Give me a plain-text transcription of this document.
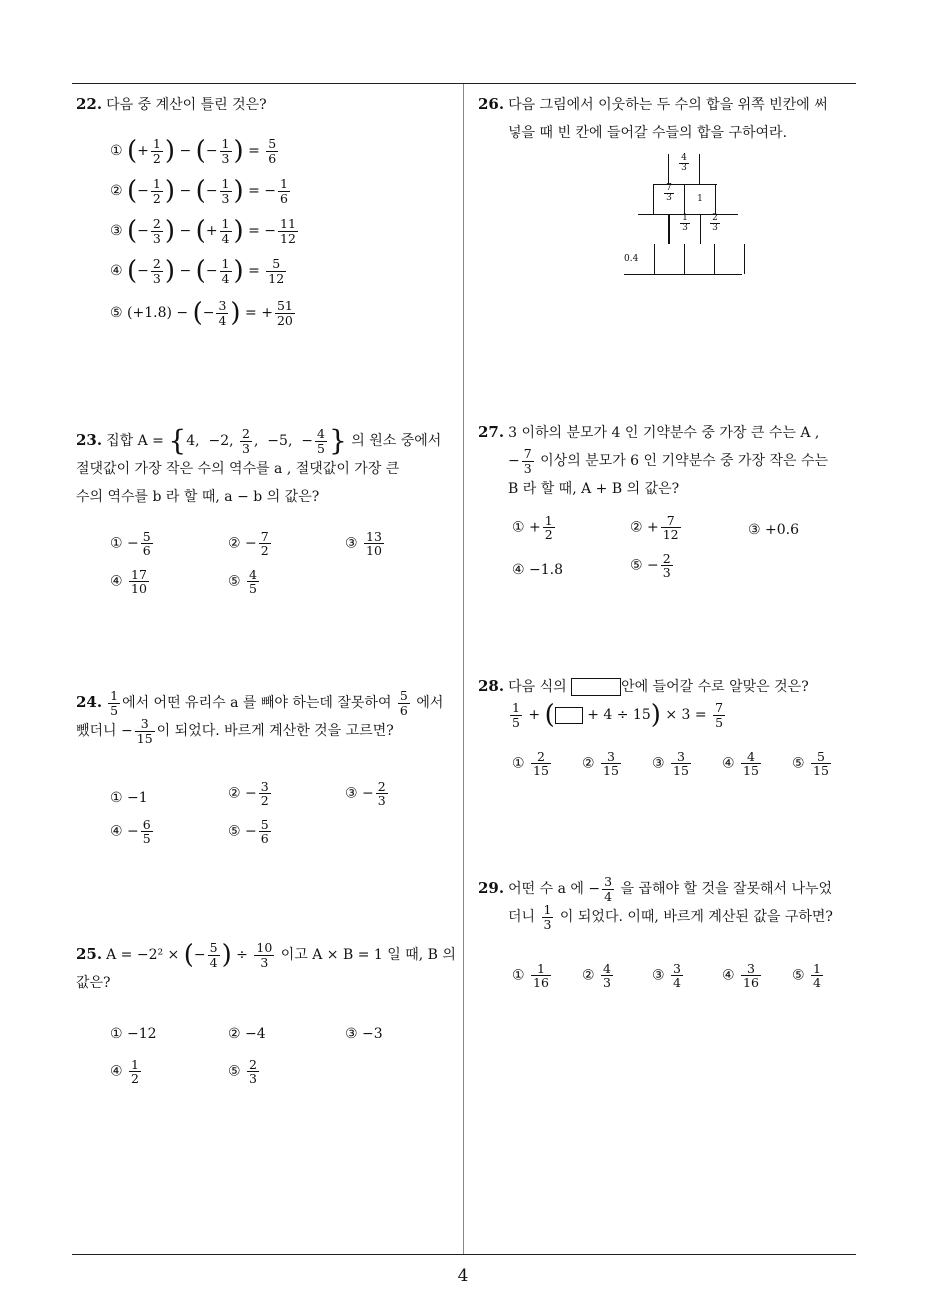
4
22. 다음 중 계산이 틀린 것은?
① (+ $\frac{1}{2}$ ) − (− $\frac{1}{3}$ ) = $\frac{5}{6}$
② (− $\frac{1}{2}$ ) − (− $\frac{1}{3}$ ) = − $\frac{1}{6}$
③ (− $\frac{2}{3}$ ) − (+ $\frac{1}{4}$ ) = − $\frac{11}{12}$
④ (− $\frac{2}{3}$ ) − (− $\frac{1}{4}$ ) = $\frac{5}{12}$
⑤ (+1.8) − (− $\frac{3}{4}$ ) = + $\frac{51}{20}$
23. 집합 A = {4,  −2, $\frac{2}{3}$ ,  −5,  − $\frac{4}{5}$ } 의 원소 중에서
절댓값이 가장 작은 수의 역수를 a , 절댓값이 가장 큰
수의 역수를 b 라 할 때, a − b 의 값은?
① − $\frac{5}{6}$	② − $\frac{7}{2}$	③ $\frac{13}{10}$
④ $\frac{17}{10}$	⑤ $\frac{4}{5}$
24. $\frac{1}{5}$ 에서 어떤 유리수 a 를 빼야 하는데 잘못하여 $\frac{5}{6}$ 에서
뺐더니 − $\frac{3}{15}$ 이 되었다. 바르게 계산한 것을 고르면?
① −1	② − $\frac{3}{2}$	③ − $\frac{2}{3}$
④ − $\frac{6}{5}$	⑤ − $\frac{5}{6}$
25. A = −2² × (− $\frac{5}{4}$ ) ÷ $\frac{10}{3}$ 이고 A × B = 1 일 때, B 의
값은?
① −12	② −4	③ −3
④ $\frac{1}{2}$	⑤ $\frac{2}{3}$
26. 다음 그림에서 이웃하는 두 수의 합을 위쪽 빈칸에 써
넣을 때 빈 칸에 들어갈 수들의 합을 구하여라.
$\frac{4}{3}$
$\frac{7}{3}$	1
$\frac{1}{3} \frac{2}{3}$
0.4
27. 3 이하의 분모가 4 인 기약분수 중 가장 큰 수는 A ,
− $\frac{7}{3}$ 이상의 분모가 6 인 기약분수 중 가장 작은 수는
B 라 할 때, A + B 의 값은?
① + $\frac{1}{2}$	② + $\frac{7}{12}$	③ +0.6
④ −1.8	⑤ − $\frac{2}{3}$
28. 다음 식의	안에 들어갈 수로 알맞은 것은?

$\frac{1}{5}$ + ( + $4 \div 15) \times 3 = \frac{7}{5}$
① $\frac{2}{15}$ ② $\frac{3}{15}$ ③ $\frac{3}{15}$ ④ $\frac{4}{15}$ ⑤ $\frac{5}{15}$
29. 어떤 수 a 에 − $\frac{3}{4}$ 을 곱해야 할 것을 잘못해서 나누었
더니 $\frac{1}{3}$ 이 되었다. 이때, 바르게 계산된 값을 구하면?
① $\frac{1}{16}$ ② $\frac{4}{3}$	③ $\frac{3}{4}$	④ $\frac{3}{16}$ ⑤ $\frac{1}{4}$
